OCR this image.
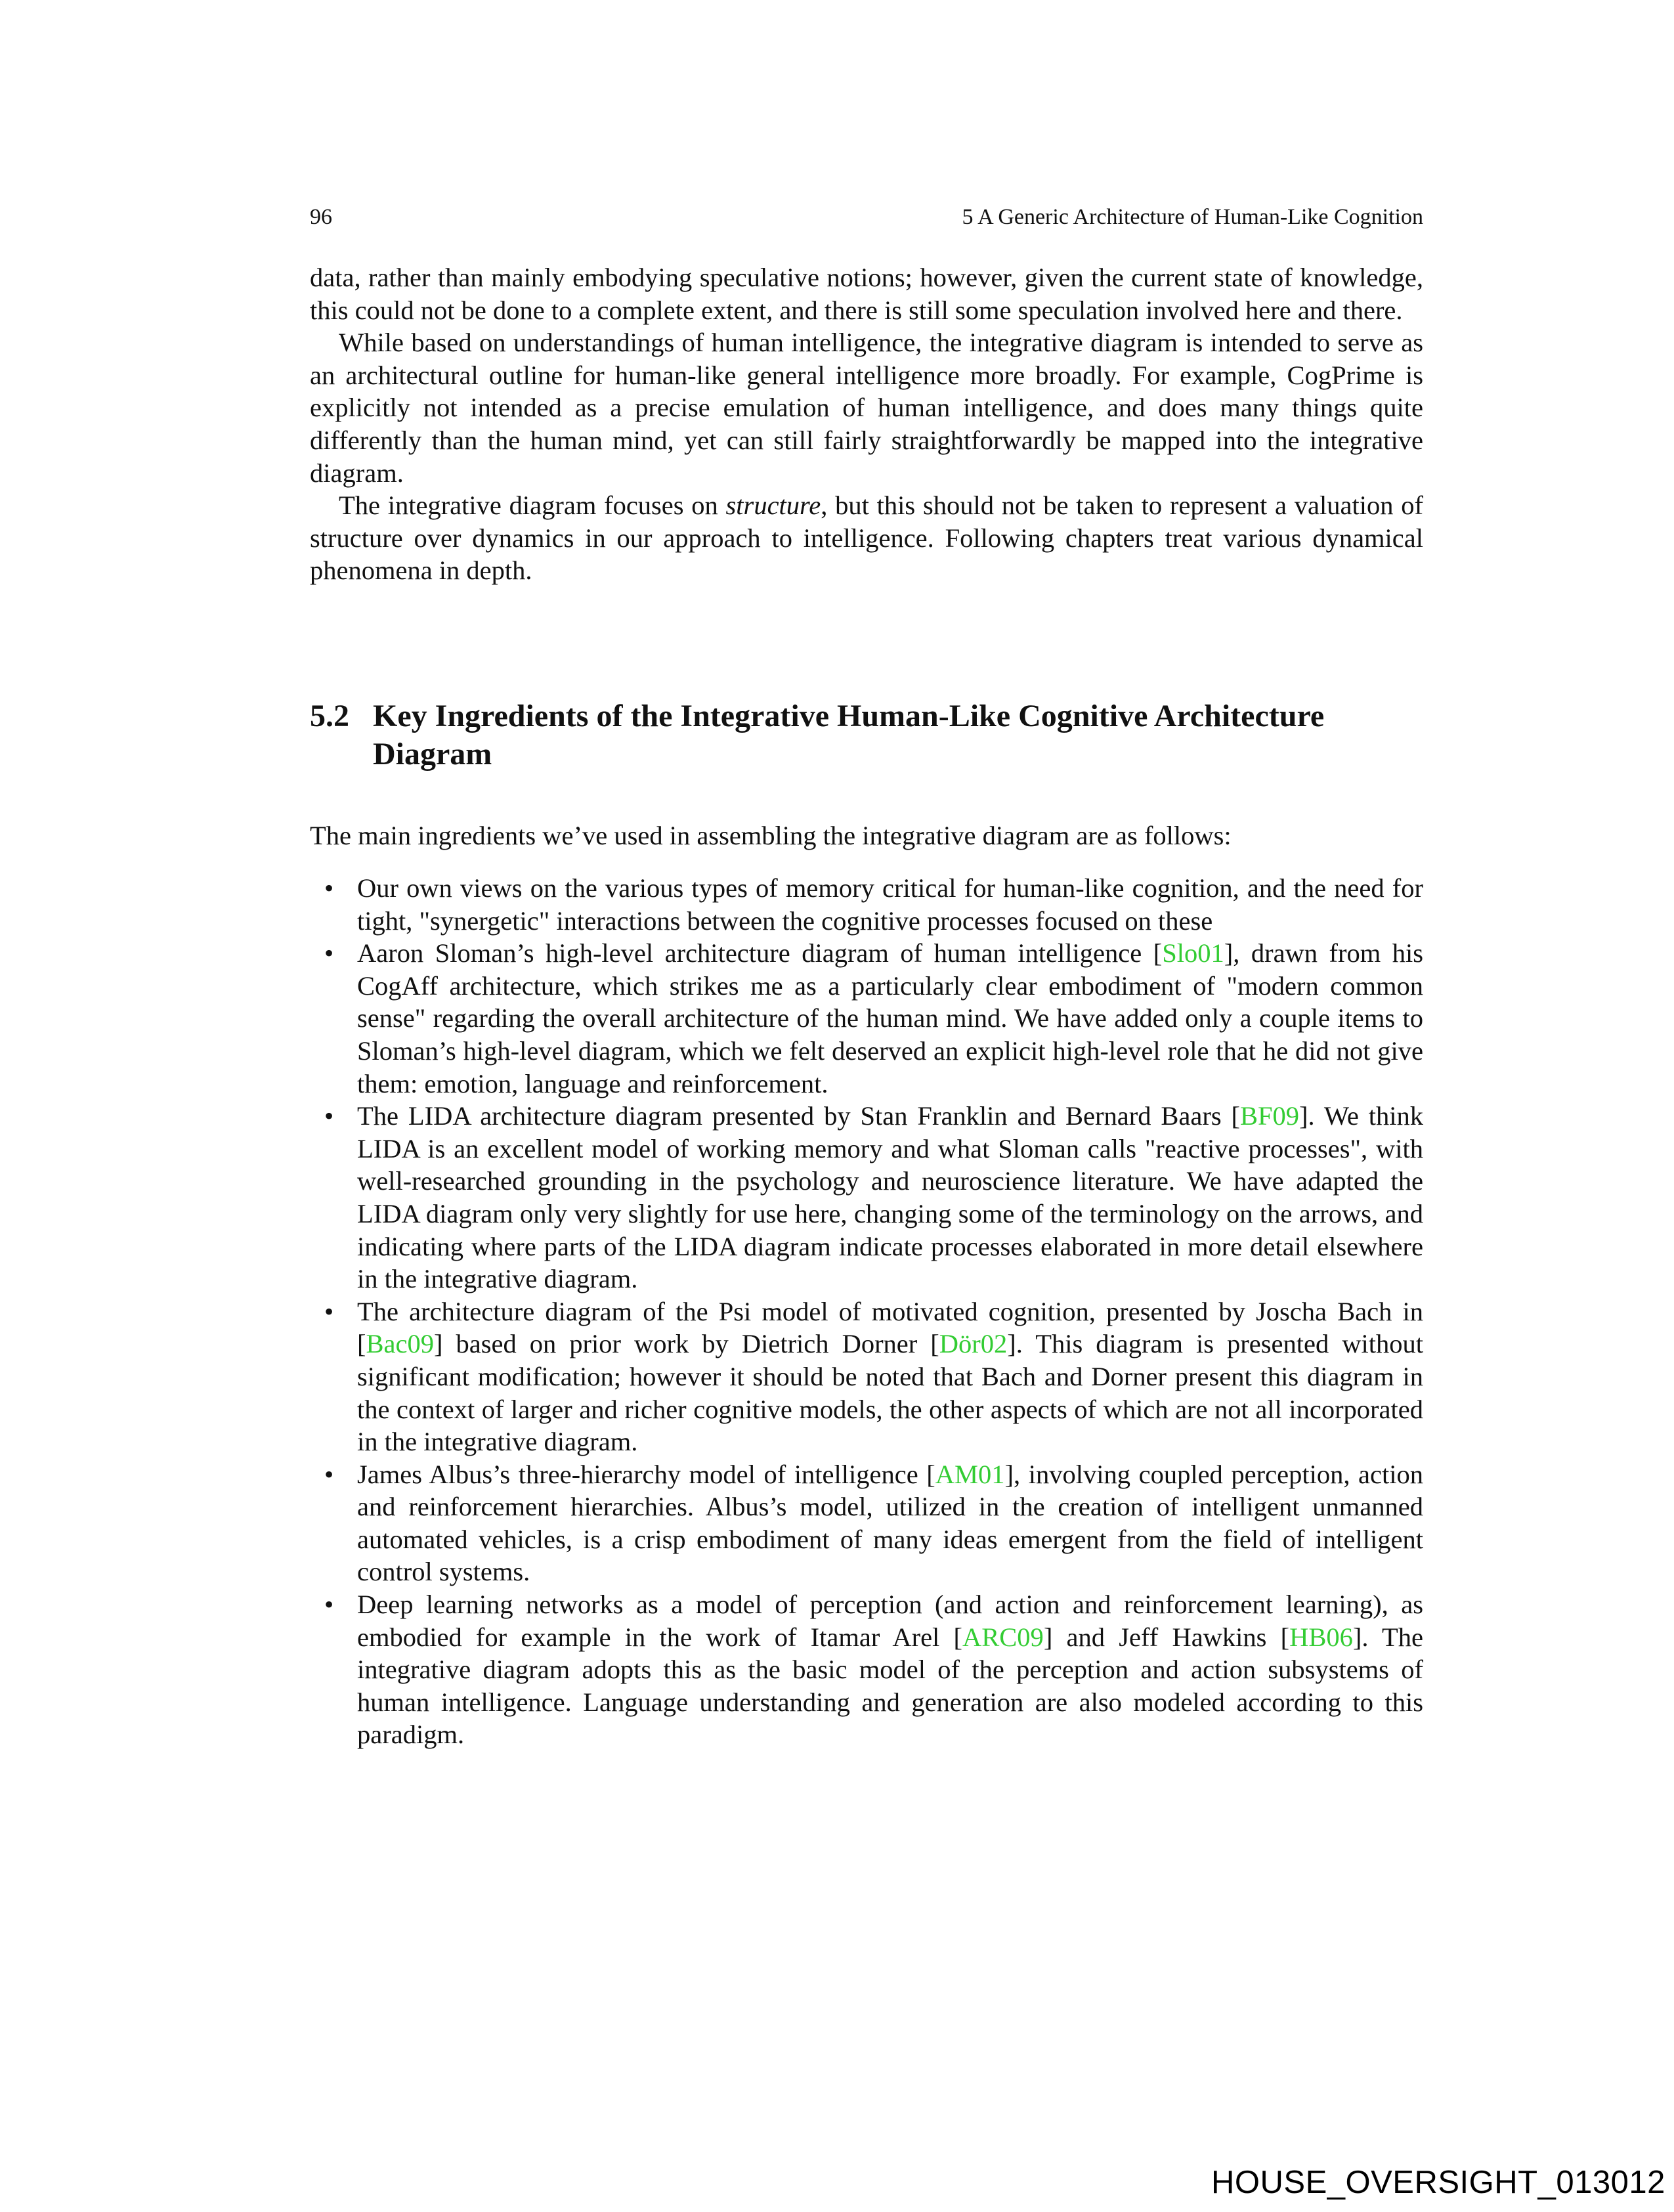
96	5 A Generic Architecture of Human-Like Cognition

data, rather than mainly embodying speculative notions; however, given the current state of knowledge, this could not be done to a complete extent, and there is still some speculation involved here and there.

While based on understandings of human intelligence, the integrative diagram is intended to serve as an architectural outline for human-like general intelligence more broadly. For example, CogPrime is explicitly not intended as a precise emulation of human intelligence, and does many things quite differently than the human mind, yet can still fairly straightforwardly be mapped into the integrative diagram.

The integrative diagram focuses on structure, but this should not be taken to represent a valuation of structure over dynamics in our approach to intelligence. Following chapters treat various dynamical phenomena in depth.

5.2 Key Ingredients of the Integrative Human-Like Cognitive Architecture Diagram
The main ingredients we’ve used in assembling the integrative diagram are as follows:
• Our own views on the various types of memory critical for human-like cognition, and the need for tight, "synergetic" interactions between the cognitive processes focused on these
• Aaron Sloman’s high-level architecture diagram of human intelligence [Slo01], drawn from his CogAff architecture, which strikes me as a particularly clear embodiment of "modern common sense" regarding the overall architecture of the human mind. We have added only a couple items to Sloman’s high-level diagram, which we felt deserved an explicit high-level role that he did not give them: emotion, language and reinforcement.
• The LIDA architecture diagram presented by Stan Franklin and Bernard Baars [BF09]. We think LIDA is an excellent model of working memory and what Sloman calls "reactive processes", with well-researched grounding in the psychology and neuroscience literature. We have adapted the LIDA diagram only very slightly for use here, changing some of the terminology on the arrows, and indicating where parts of the LIDA diagram indicate processes elaborated in more detail elsewhere in the integrative diagram.
• The architecture diagram of the Psi model of motivated cognition, presented by Joscha Bach in [Bac09] based on prior work by Dietrich Dorner [Dör02]. This diagram is presented without significant modification; however it should be noted that Bach and Dorner present this diagram in the context of larger and richer cognitive models, the other aspects of which are not all incorporated in the integrative diagram.
• James Albus’s three-hierarchy model of intelligence [AM01], involving coupled perception, action and reinforcement hierarchies. Albus’s model, utilized in the creation of intelligent unmanned automated vehicles, is a crisp embodiment of many ideas emergent from the field of intelligent control systems.
• Deep learning networks as a model of perception (and action and reinforcement learning), as embodied for example in the work of Itamar Arel [ARC09] and Jeff Hawkins [HB06]. The integrative diagram adopts this as the basic model of the perception and action subsystems of human intelligence. Language understanding and generation are also modeled according to this paradigm.
HOUSE_OVERSIGHT_013012
